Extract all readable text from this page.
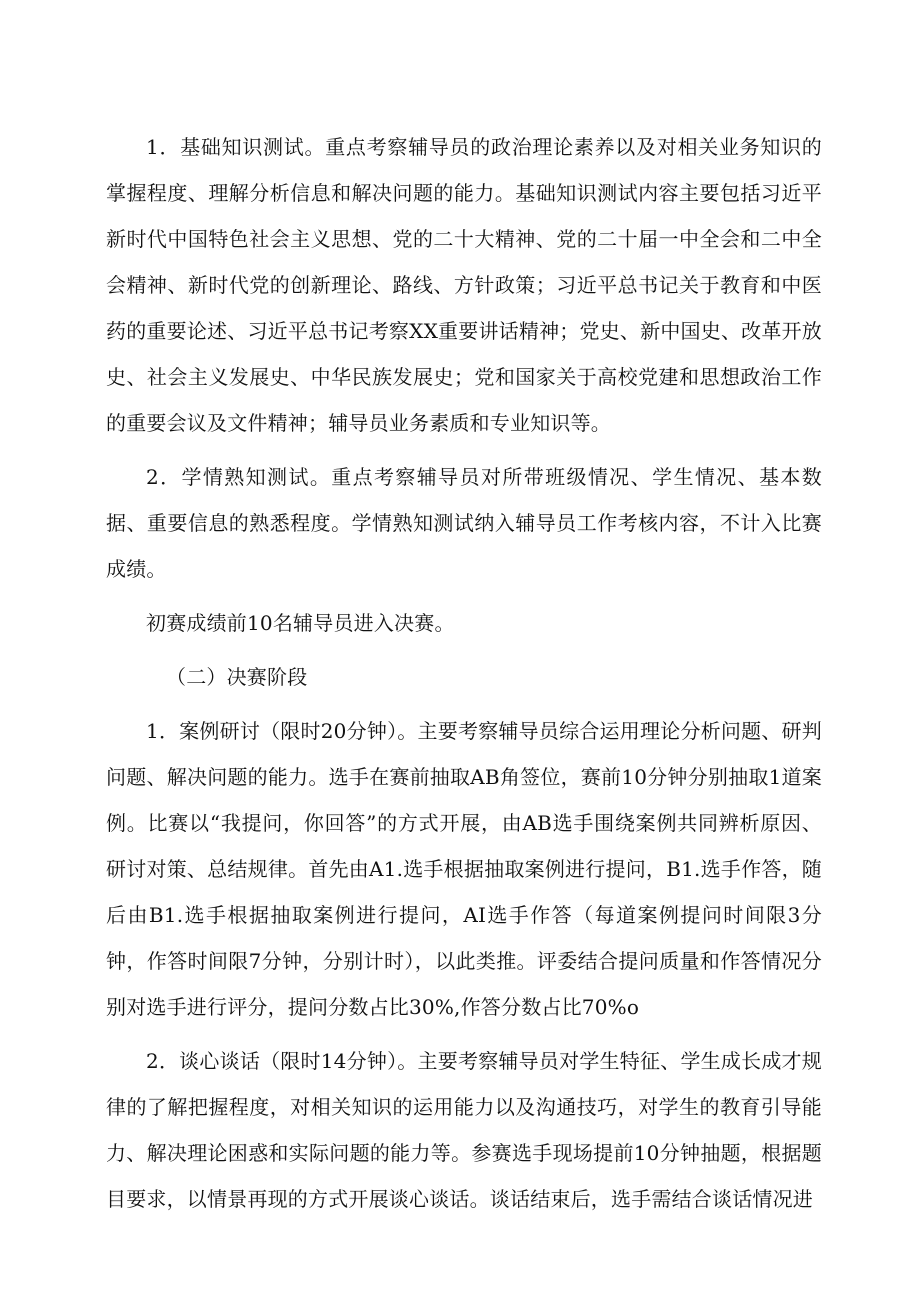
1．基础知识测试。重点考察辅导员的政治理论素养以及对相关业务知识的掌握程度、理解分析信息和解决问题的能力。基础知识测试内容主要包括习近平新时代中国特色社会主义思想、党的二十大精神、党的二十届一中全会和二中全会精神、新时代党的创新理论、路线、方针政策；习近平总书记关于教育和中医药的重要论述、习近平总书记考察XX重要讲话精神；党史、新中国史、改革开放史、社会主义发展史、中华民族发展史；党和国家关于高校党建和思想政治工作的重要会议及文件精神；辅导员业务素质和专业知识等。

2．学情熟知测试。重点考察辅导员对所带班级情况、学生情况、基本数据、重要信息的熟悉程度。学情熟知测试纳入辅导员工作考核内容，不计入比赛成绩。

初赛成绩前10名辅导员进入决赛。

（二）决赛阶段

1．案例研讨（限时20分钟）。主要考察辅导员综合运用理论分析问题、研判问题、解决问题的能力。选手在赛前抽取AB角签位，赛前10分钟分别抽取1道案例。比赛以“我提问，你回答”的方式开展，由AB选手围绕案例共同辨析原因、研讨对策、总结规律。首先由A1.选手根据抽取案例进行提问，B1.选手作答，随后由B1.选手根据抽取案例进行提问，AI选手作答（每道案例提问时间限3分钟，作答时间限7分钟，分别计时），以此类推。评委结合提问质量和作答情况分别对选手进行评分，提问分数占比30%,作答分数占比70%o

2．谈心谈话（限时14分钟）。主要考察辅导员对学生特征、学生成长成才规律的了解把握程度，对相关知识的运用能力以及沟通技巧，对学生的教育引导能力、解决理论困惑和实际问题的能力等。参赛选手现场提前10分钟抽题，根据题目要求，以情景再现的方式开展谈心谈话。谈话结束后，选手需结合谈话情况进
